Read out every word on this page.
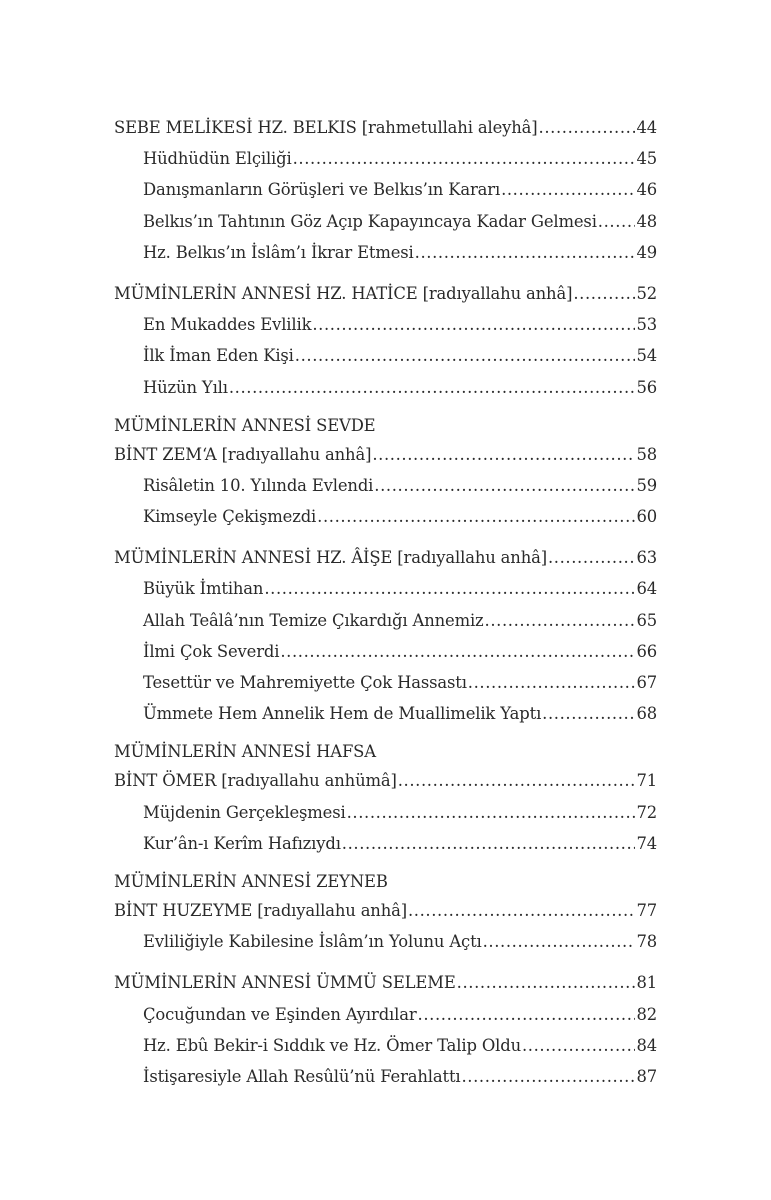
SEBE MELİKESİ HZ. BELKIS [rahmetullahi aleyhâ] .....	44
Hüdhüdün Elçiliği .....	45
Danışmanların Görüşleri ve Belkıs’ın Kararı .....	46
Belkıs’ın Tahtının Göz Açıp Kapayıncaya Kadar Gelmesi ..... 48
Hz. Belkıs’ın İslâm’ı İkrar Etmesi .....	49
MÜMİNLERİN ANNESİ HZ. HATİCE [radıyallahu anhâ] .....	52
En Mukaddes Evlilik .....	53
İlk İman Eden Kişi .....	54
Hüzün Yılı .....	56
MÜMİNLERİN ANNESİ SEVDE
BİNT ZEM‘A [radıyallahu anhâ] .....	58
Risâletin 10. Yılında Evlendi .....	59
Kimseyle Çekişmezdi .....	60
MÜMİNLERİN ANNESİ HZ. ÂİŞE [radıyallahu anhâ] .....	63
Büyük İmtihan .....	64
Allah Teâlâ’nın Temize Çıkardığı Annemiz .....	65
İlmi Çok Severdi .....	66
Tesettür ve Mahremiyette Çok Hassastı .....	67
Ümmete Hem Annelik Hem de Muallimelik Yaptı .....	68
MÜMİNLERİN ANNESİ HAFSA
BİNT ÖMER [radıyallahu anhümâ] .....	71
Müjdenin Gerçekleşmesi .....	72
Kur’ân-ı Kerîm Hafızıydı .....	74
MÜMİNLERİN ANNESİ ZEYNEB
BİNT HUZEYME [radıyallahu anhâ] .....	77
Evliliğiyle Kabilesine İslâm’ın Yolunu Açtı .....	78
MÜMİNLERİN ANNESİ ÜMMÜ SELEME .....	81
Çocuğundan ve Eşinden Ayırdılar .....	82
Hz. Ebû Bekir-i Sıddık ve Hz. Ömer Talip Oldu .....	84
İstişaresiyle Allah Resûlü’nü Ferahlattı .....	87
